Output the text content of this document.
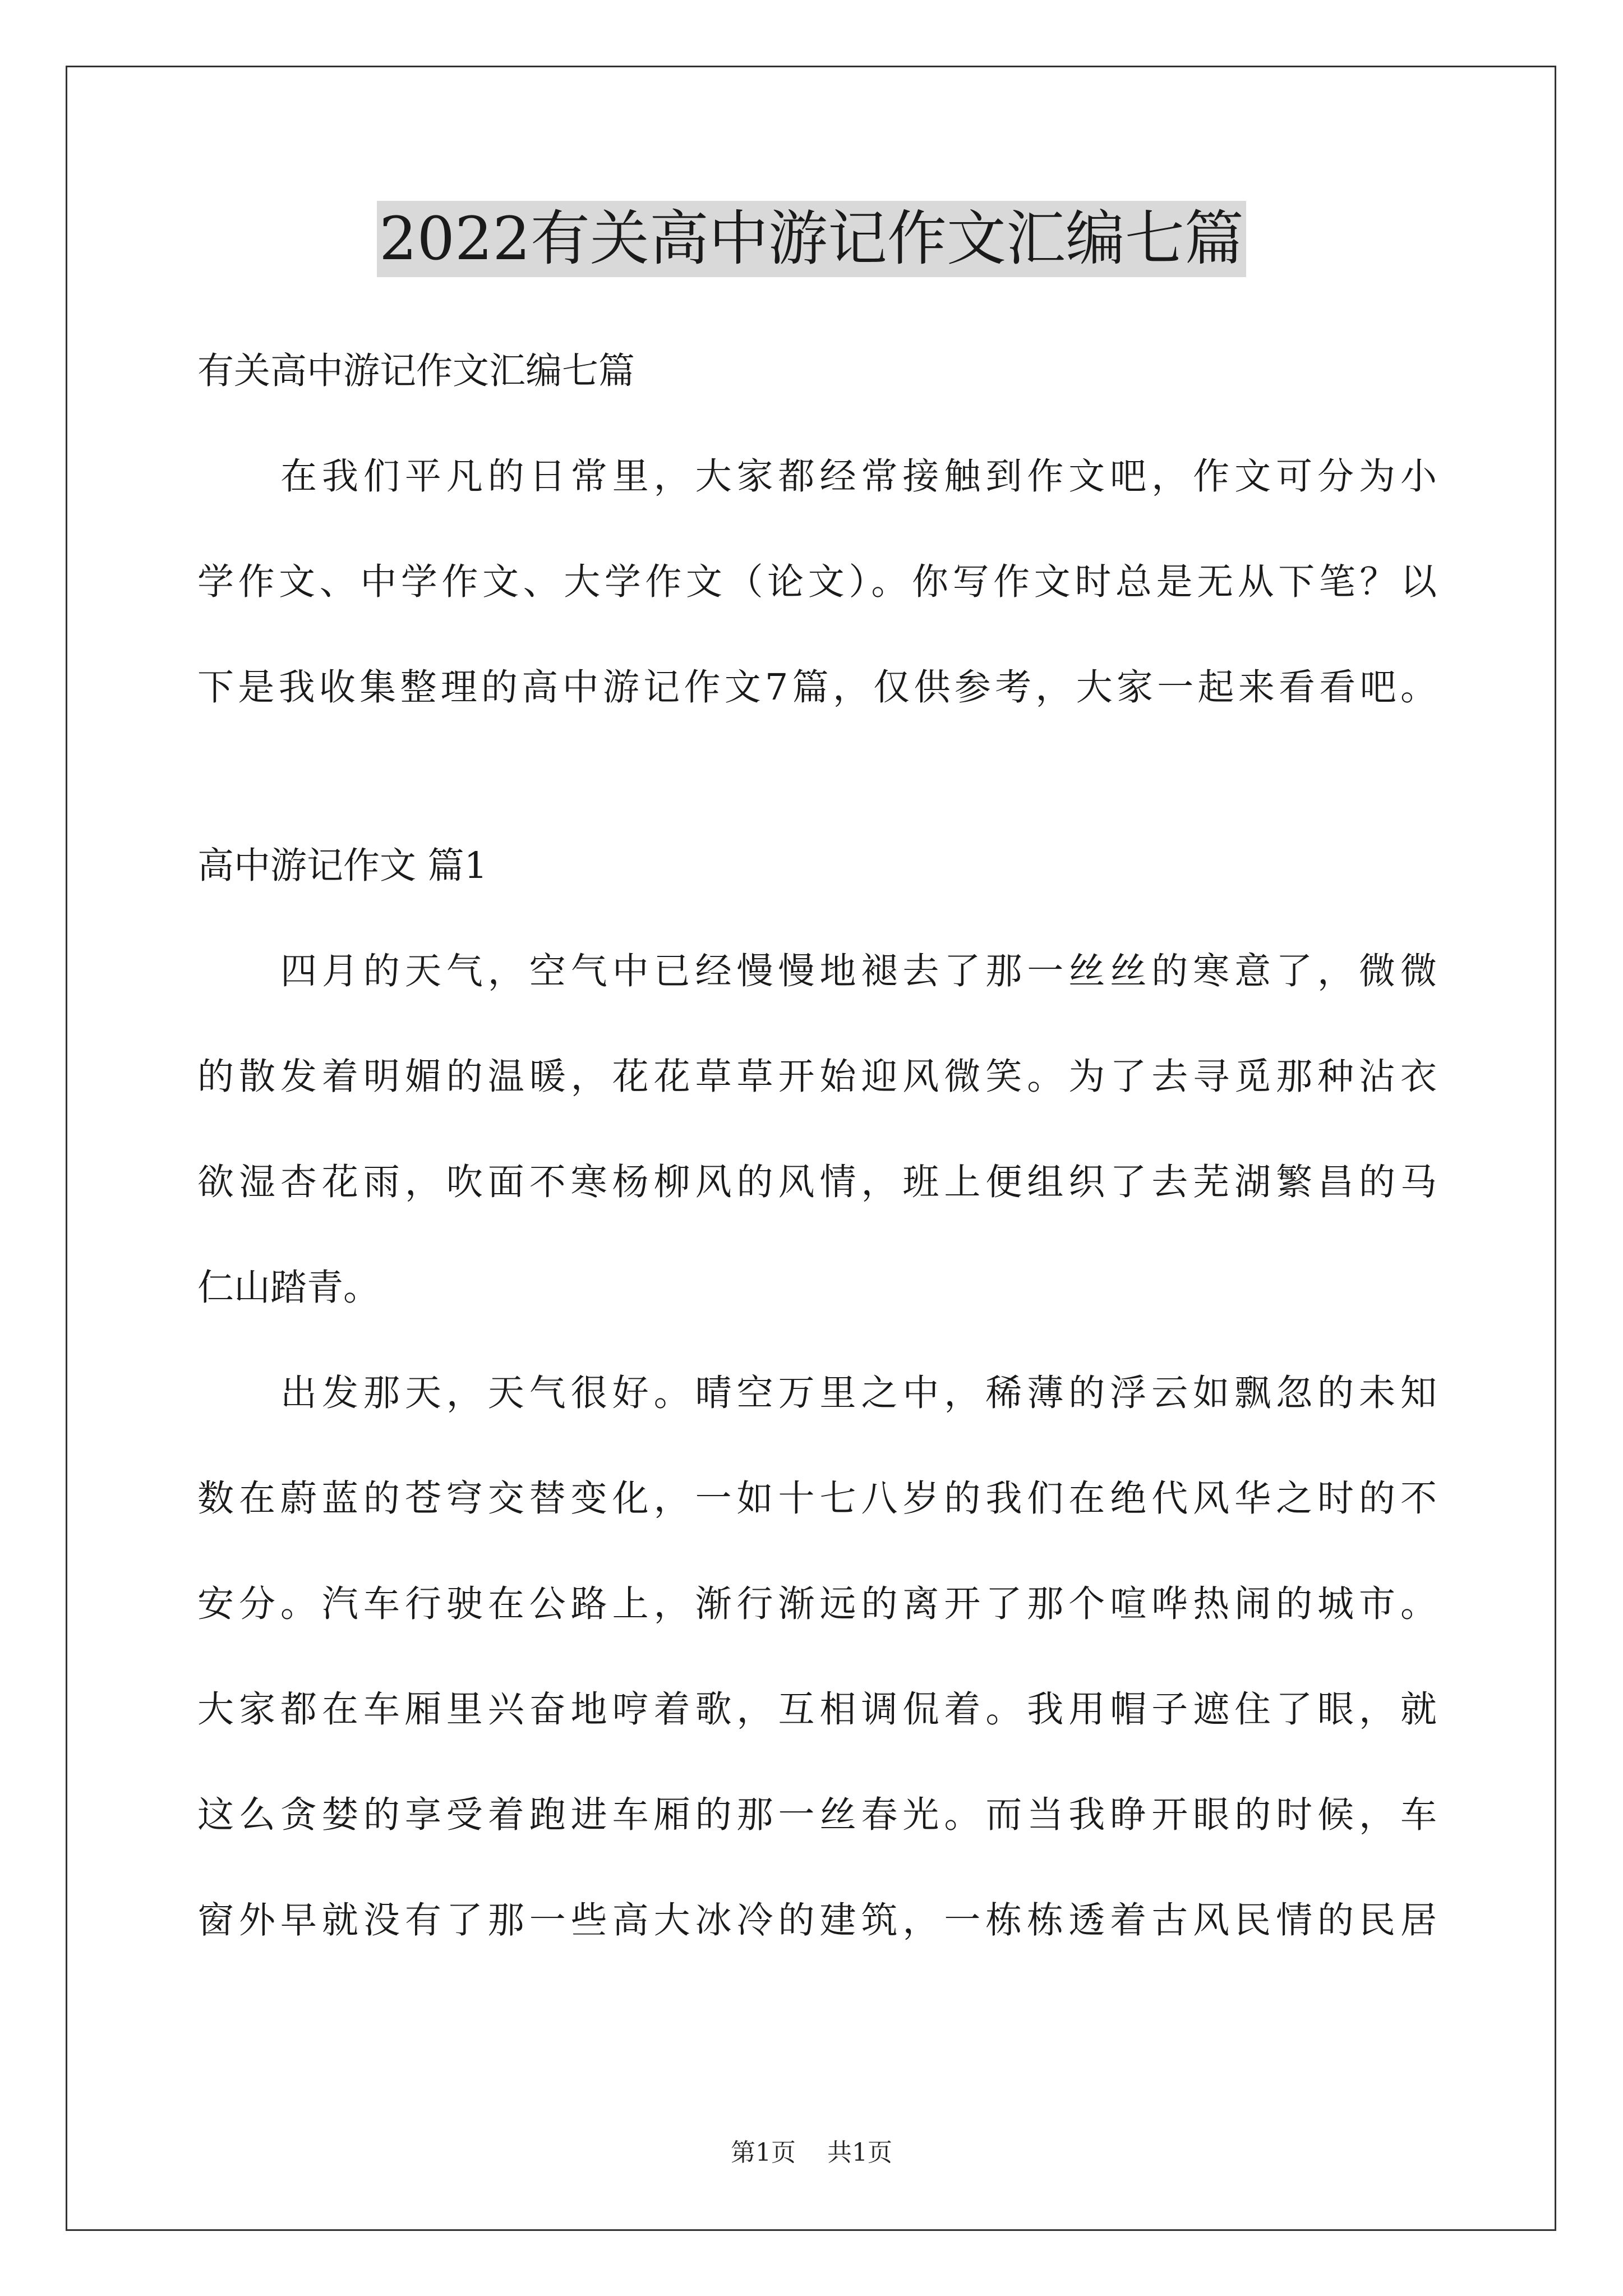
2022有关高中游记作文汇编七篇
有关高中游记作文汇编七篇
在我们平凡的日常里，大家都经常接触到作文吧，作文可分为小
学作文、中学作文、大学作文（论文）。你写作文时总是无从下笔？以
下是我收集整理的高中游记作文7篇，仅供参考，大家一起来看看吧。
高中游记作文 篇1
四月的天气，空气中已经慢慢地褪去了那一丝丝的寒意了，微微
的散发着明媚的温暖，花花草草开始迎风微笑。为了去寻觅那种沾衣
欲湿杏花雨，吹面不寒杨柳风的风情，班上便组织了去芜湖繁昌的马
仁山踏青。
出发那天，天气很好。晴空万里之中，稀薄的浮云如飘忽的未知
数在蔚蓝的苍穹交替变化，一如十七八岁的我们在绝代风华之时的不
安分。汽车行驶在公路上，渐行渐远的离开了那个喧哗热闹的城市。
大家都在车厢里兴奋地哼着歌，互相调侃着。我用帽子遮住了眼，就
这么贪婪的享受着跑进车厢的那一丝春光。而当我睁开眼的时候，车
窗外早就没有了那一些高大冰冷的建筑，一栋栋透着古风民情的民居
第1页 共1页
